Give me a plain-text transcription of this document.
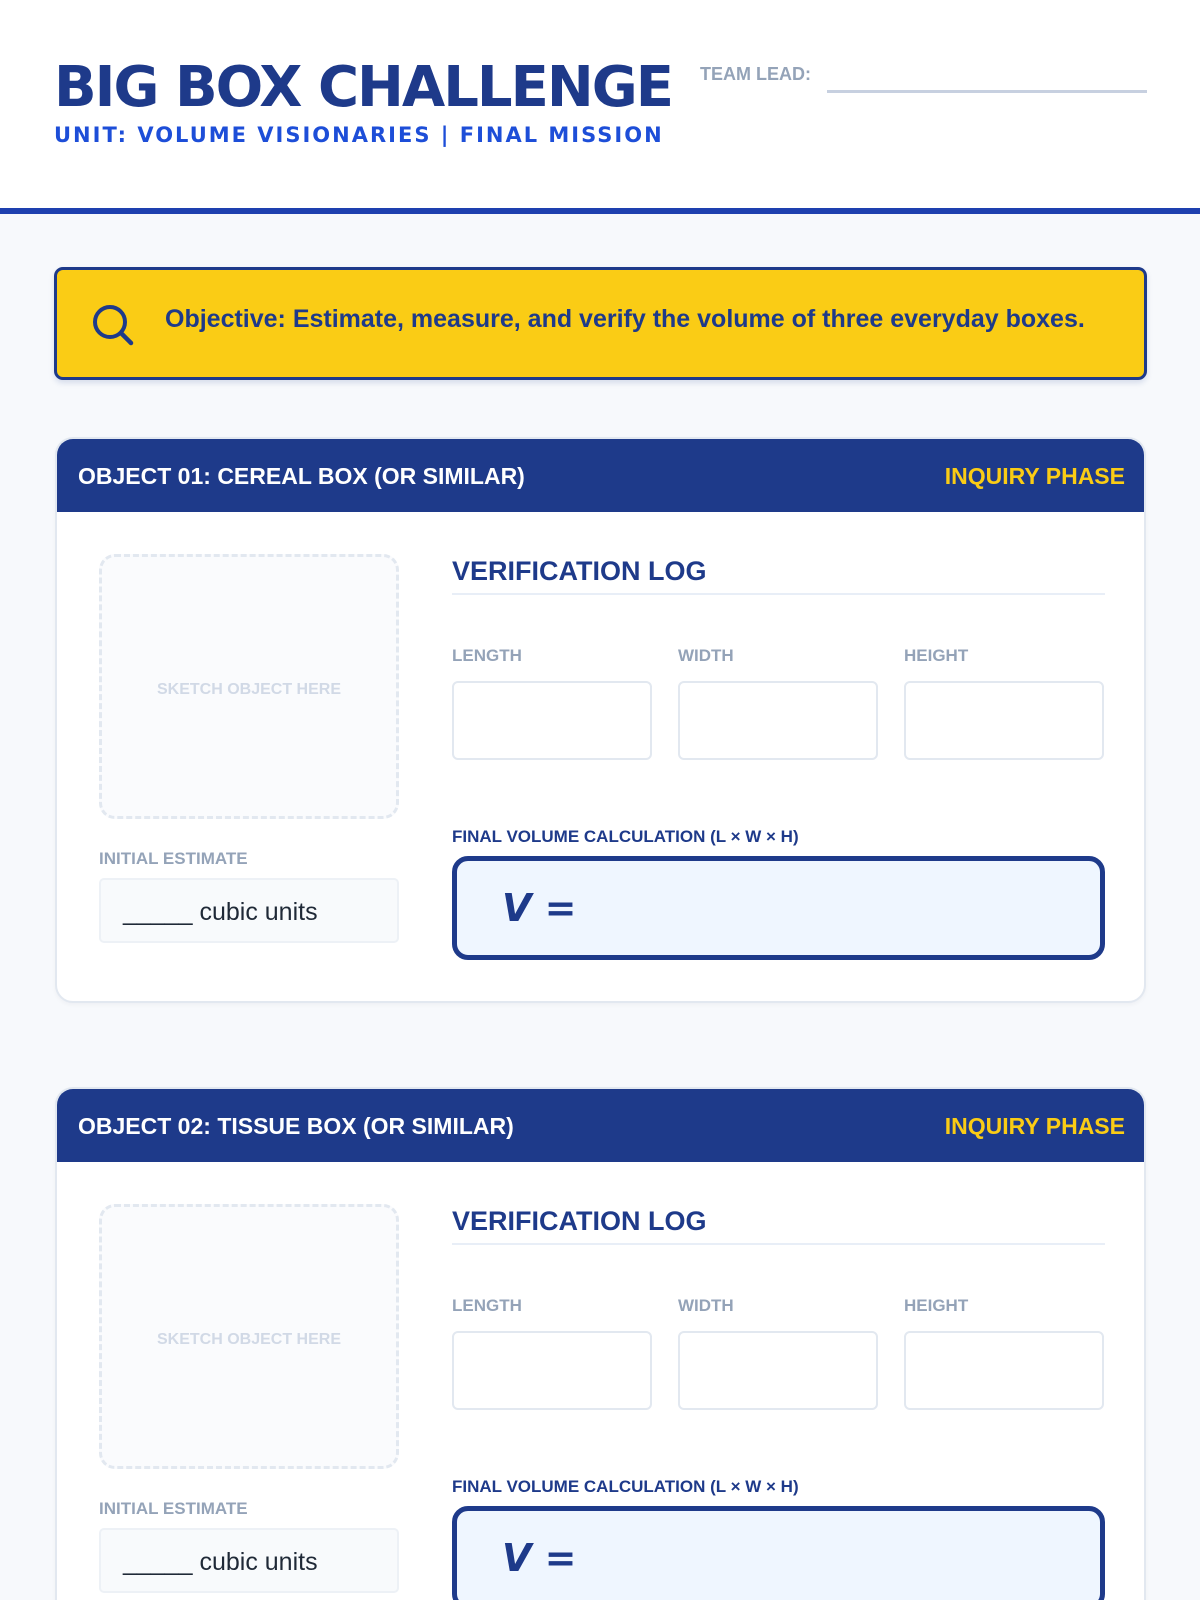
BIG BOX CHALLENGE
UNIT: VOLUME VISIONARIES | FINAL MISSION
TEAM LEAD:
Objective: Estimate, measure, and verify the volume of three everyday boxes.
OBJECT 01: CEREAL BOX (OR SIMILAR)	INQUIRY PHASE
SKETCH OBJECT HERE
INITIAL ESTIMATE
_____ cubic units
VERIFICATION LOG
LENGTH	WIDTH	HEIGHT
FINAL VOLUME CALCULATION (L × W × H)
V =
OBJECT 02: TISSUE BOX (OR SIMILAR)	INQUIRY PHASE
SKETCH OBJECT HERE
INITIAL ESTIMATE
_____ cubic units
VERIFICATION LOG
LENGTH	WIDTH	HEIGHT
FINAL VOLUME CALCULATION (L × W × H)
V =
